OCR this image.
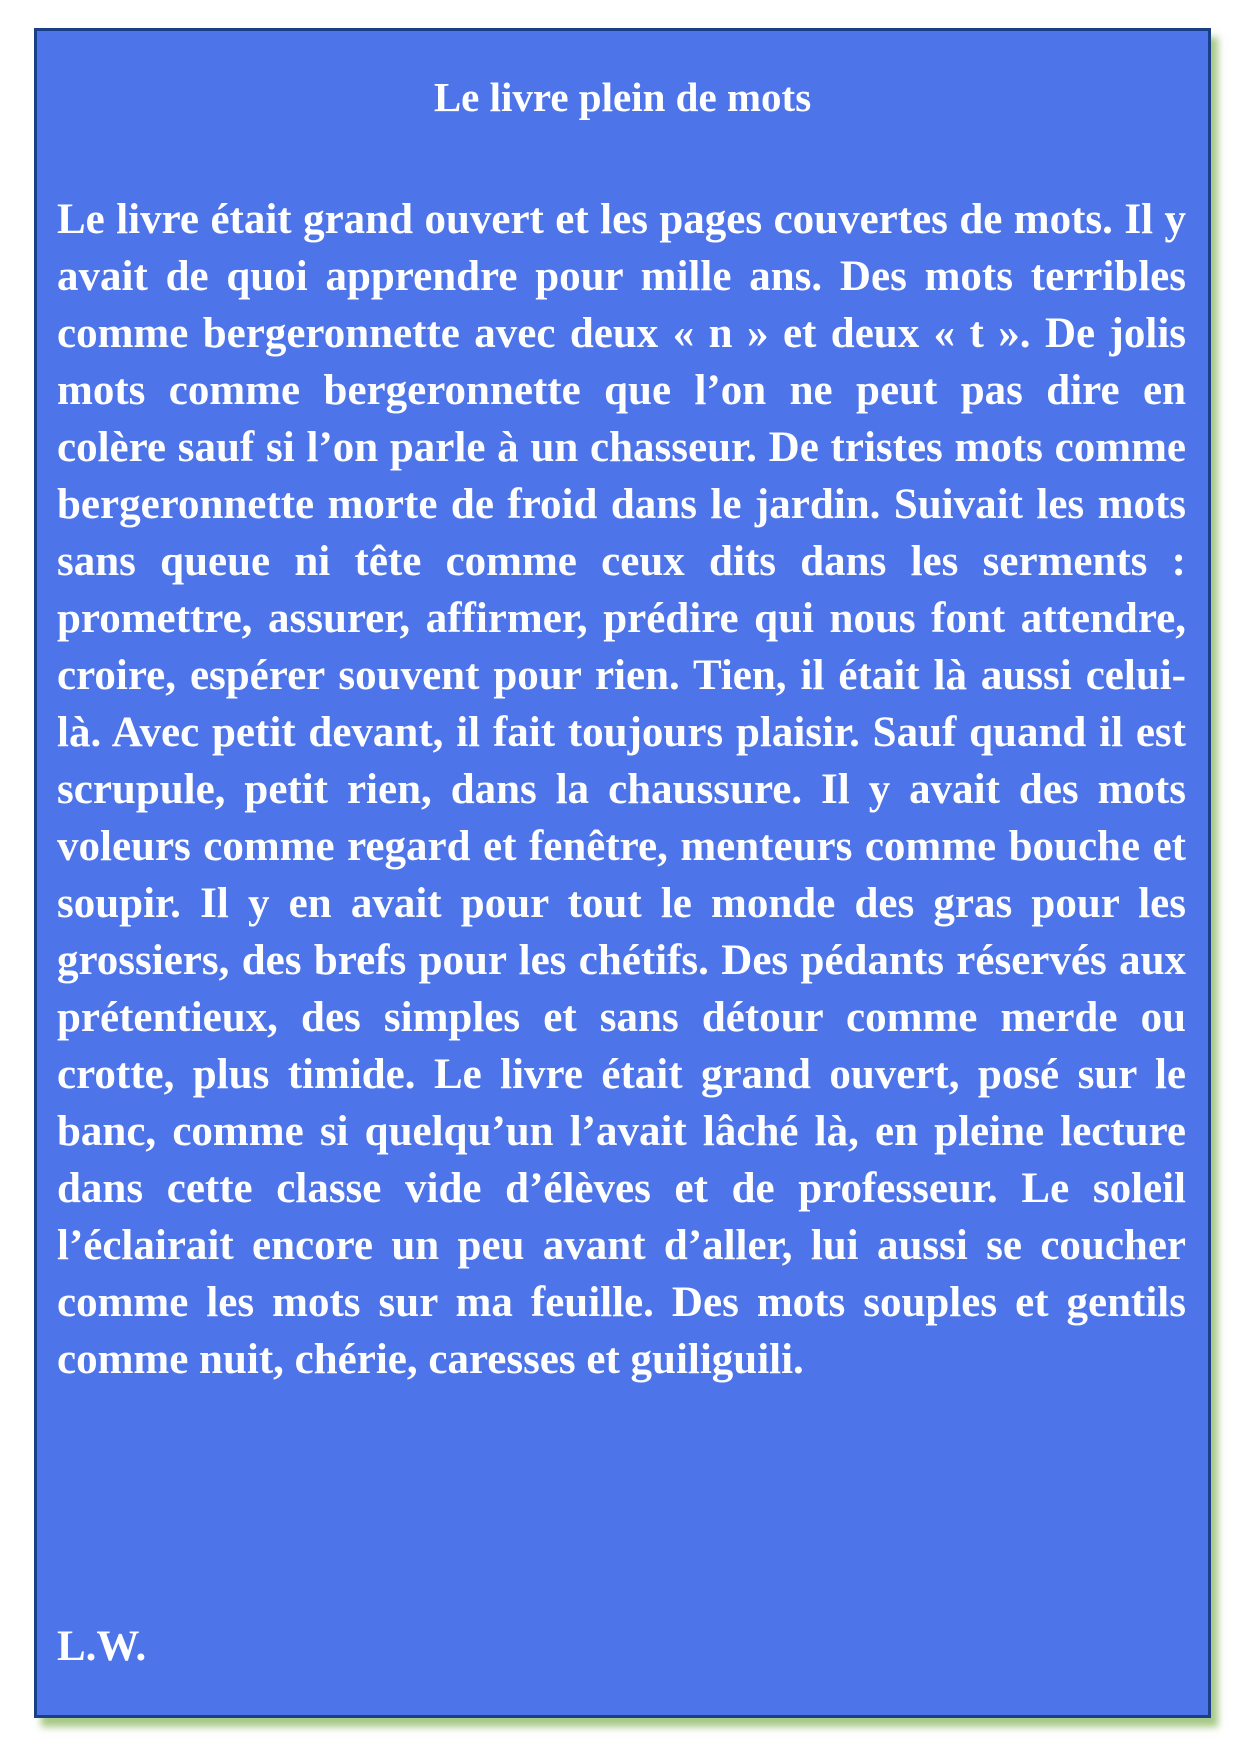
Le livre plein de mots

Le livre était grand ouvert et les pages couvertes de mots. Il y avait de quoi apprendre pour mille ans. Des mots terribles comme bergeronnette avec deux « n » et deux « t ». De jolis mots comme bergeronnette que l’on ne peut pas dire en colère sauf si l’on parle à un chasseur. De tristes mots comme bergeronnette morte de froid dans le jardin. Suivait les mots sans queue ni tête comme ceux dits dans les serments : promettre, assurer, affirmer, prédire qui nous font attendre, croire, espérer souvent pour rien. Tien, il était là aussi celui-là. Avec petit devant, il fait toujours plaisir. Sauf quand il est scrupule, petit rien, dans la chaussure. Il y avait des mots voleurs comme regard et fenêtre, menteurs comme bouche et soupir. Il y en avait pour tout le monde des gras pour les grossiers, des brefs pour les chétifs. Des pédants réservés aux prétentieux, des simples et sans détour comme merde ou crotte, plus timide. Le livre était grand ouvert, posé sur le banc, comme si quelqu’un l’avait lâché là, en pleine lecture dans cette classe vide d’élèves et de professeur. Le soleil l’éclairait encore un peu avant d’aller, lui aussi se coucher comme les mots sur ma feuille. Des mots souples et gentils comme nuit, chérie, caresses et guiliguili.

L.W.
